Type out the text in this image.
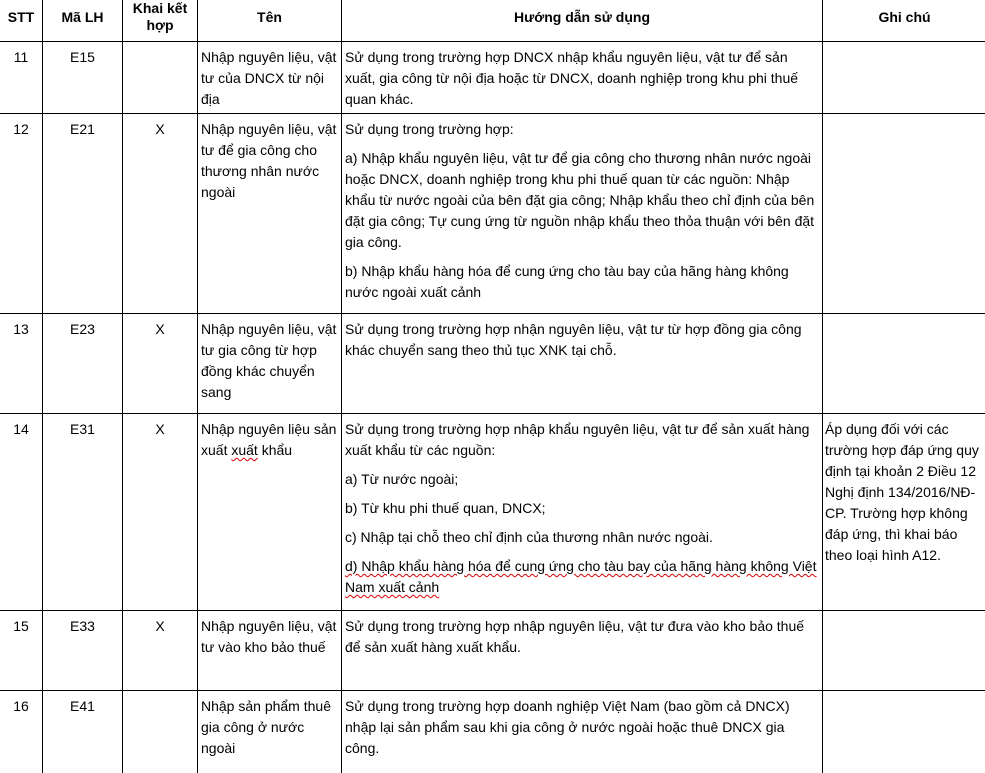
STT	Mã LH	Khai kết hợp	Tên	Hướng dẫn sử dụng	Ghi chú
11	E15		Nhập nguyên liệu, vật tư của DNCX từ nội địa	Sử dụng trong trường hợp DNCX nhập khẩu nguyên liệu, vật tư để sản xuất, gia công từ nội địa hoặc từ DNCX, doanh nghiệp trong khu phi thuế quan khác.	

12	E21	X	Nhập nguyên liệu, vật tư để gia công cho thương nhân nước ngoài	Sử dụng trong trường hợp:
a) Nhập khẩu nguyên liệu, vật tư để gia công cho thương nhân nước ngoài hoặc DNCX, doanh nghiệp trong khu phi thuế quan từ các nguồn: Nhập khẩu từ nước ngoài của bên đặt gia công; Nhập khẩu theo chỉ định của bên đặt gia công; Tự cung ứng từ nguồn nhập khẩu theo thỏa thuận với bên đặt gia công.
b) Nhập khẩu hàng hóa để cung ứng cho tàu bay của hãng hàng không nước ngoài xuất cảnh	

13	E23	X	Nhập nguyên liệu, vật tư gia công từ hợp đồng khác chuyển sang	Sử dụng trong trường hợp nhận nguyên liệu, vật tư từ hợp đồng gia công khác chuyển sang theo thủ tục XNK tại chỗ.	

14	E31	X	Nhập nguyên liệu sản xuất xuất khẩu	Sử dụng trong trường hợp nhập khẩu nguyên liệu, vật tư để sản xuất hàng xuất khẩu từ các nguồn:
a) Từ nước ngoài;
b) Từ khu phi thuế quan, DNCX;
c) Nhập tại chỗ theo chỉ định của thương nhân nước ngoài.
d) Nhập khẩu hàng hóa để cung ứng cho tàu bay của hãng hàng không Việt Nam xuất cảnh	Áp dụng đối với các trường hợp đáp ứng quy định tại khoản 2 Điều 12 Nghị định 134/2016/NĐ-CP. Trường hợp không đáp ứng, thì khai báo theo loại hình A12.
15	E33	X	Nhập nguyên liệu, vật tư vào kho bảo thuế	Sử dụng trong trường hợp nhập nguyên liệu, vật tư đưa vào kho bảo thuế để sản xuất hàng xuất khẩu.	

16	E41		Nhập sản phẩm thuê gia công ở nước ngoài	Sử dụng trong trường hợp doanh nghiệp Việt Nam (bao gồm cả DNCX) nhập lại sản phẩm sau khi gia công ở nước ngoài hoặc thuê DNCX gia công.	
